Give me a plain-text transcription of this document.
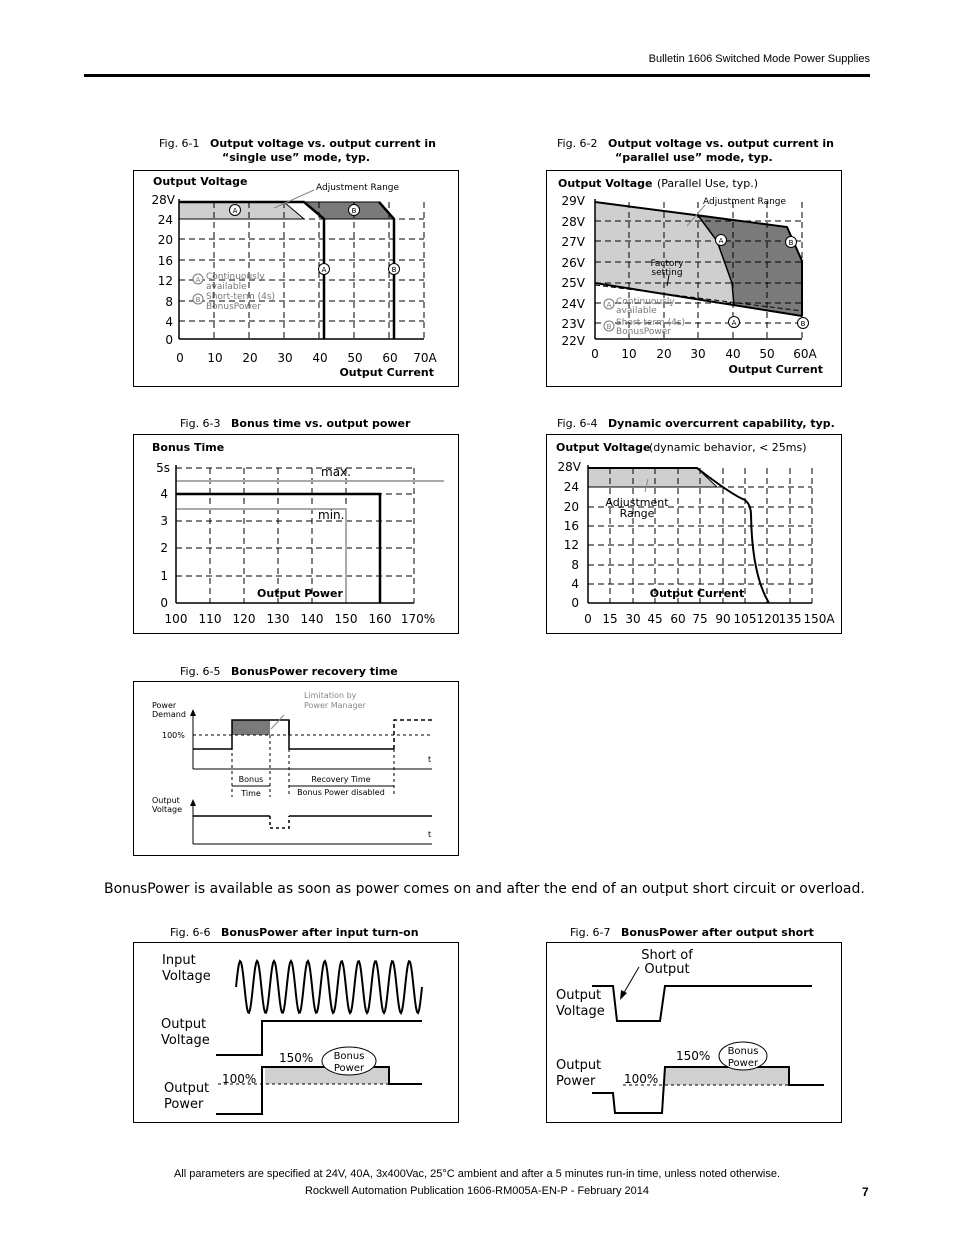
Bulletin 1606 Switched Mode Power Supplies
Fig. 6-1 Output voltage vs. output current in
“single use” mode, typ.
Adjustment Range
Output Voltage
28V
24
20
16
12
8
4
0
0 10 20 30 40 50 60 70A
Output Current
A	B
A	B
A Continuously
available
B Short-term (4s)
BonusPower
Fig. 6-2 Output voltage vs. output current in
“parallel use” mode, typ.
Adjustment Range
Output Voltage (Parallel Use, typ.)
Factory
setting
29V
28V
27V
26V
25V
24V
23V
22V
0 10 20 30 40 50 60A
Output Current
A	B
A	B
A Continuously
available
B Short-term (4s)
BonusPower
Fig. 6-3 Bonus time vs. output power
Bonus Time
max.
min.
Output Power
5s
4
3
2
1
0
100 110 120 130 140 150 160 170%
Fig. 6-4 Dynamic overcurrent capability, typ.
Output Voltage
(dynamic behavior, < 25ms)
Adjustment
Range
Output Current
28V
24
20
16
12
8
4
0
0 15 30 45 60 75 90 105 120 135 150A
Fig. 6-5 BonusPower recovery time
Power
Demand
100%
Limitation by
Power Manager
t
Bonus
Time
Recovery Time
Bonus Power disabled
Output
Voltage
t
BonusPower is available as soon as power comes on and after the end of an output short circuit or overload.
Fig. 6-6 BonusPower after input turn-on
Input
Voltage
Output
Voltage
Output
Power
150%
100%
Bonus
Power
Fig. 6-7 BonusPower after output short
Short of
Output
Output
Voltage
Output
Power
150%
100%
Bonus
Power
All parameters are specified at 24V, 40A, 3x400Vac, 25°C ambient and after a 5 minutes run-in time, unless noted otherwise.
Rockwell Automation Publication 1606-RM005A-EN-P - February 2014	7
